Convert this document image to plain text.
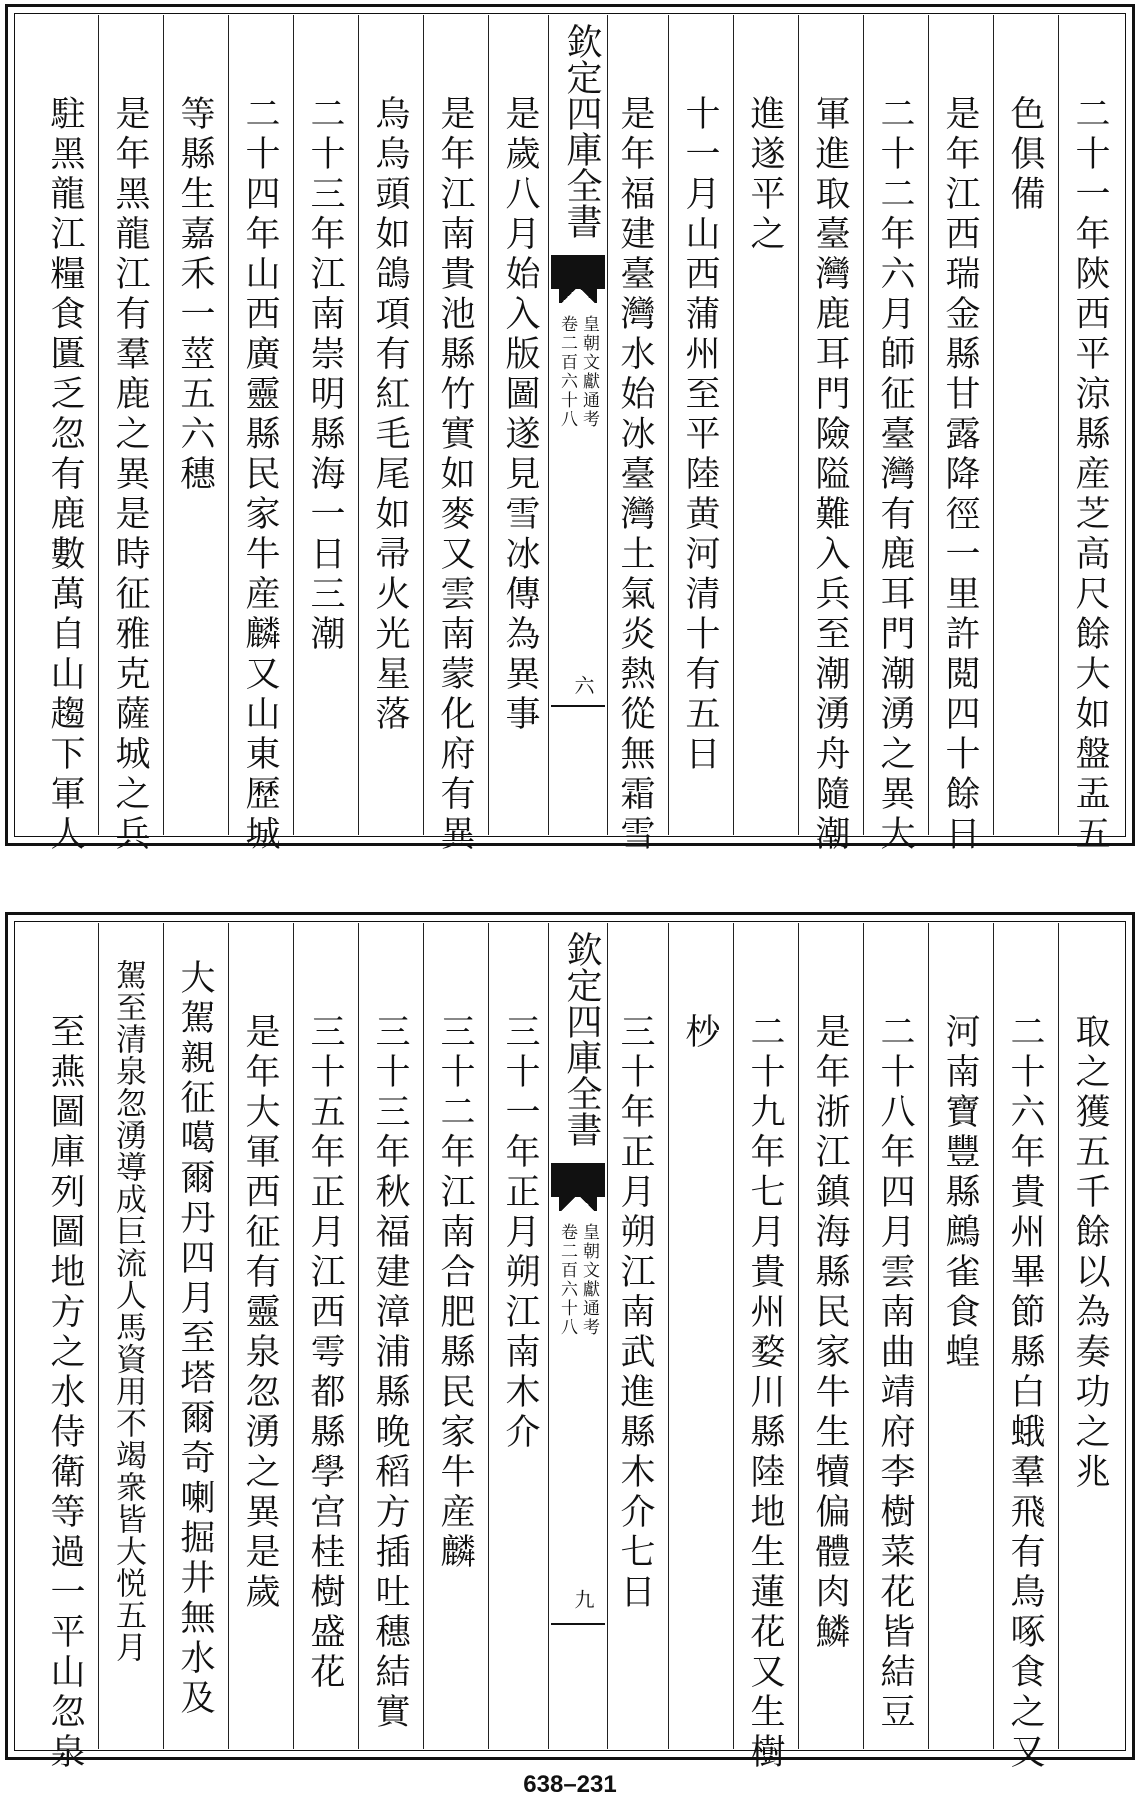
欽定四庫全書
皇朝文獻通考
卷二百六十八
六	二十一年陝西平涼縣産芝高尺餘大如盤盂五
色俱備
是年江西瑞金縣甘露降徑一里許閲四十餘日
二十二年六月師征臺灣有鹿耳門潮湧之異大
軍進取臺灣鹿耳門險隘難入兵至潮湧舟隨潮
進遂平之
十一月山西蒲州至平陸黄河清十有五日
是年福建臺灣水始冰臺灣土氣炎熱從無霜雪
是歲八月始入版圖遂見雪冰傳為異事
是年江南貴池縣竹實如麥又雲南蒙化府有異
烏烏頭如鴿項有紅毛尾如帚火光星落
二十三年江南崇明縣海一日三潮
二十四年山西廣靈縣民家牛産麟又山東歷城
等縣生嘉禾一莖五六穗
是年黑龍江有羣鹿之異是時征雅克薩城之兵
駐黑龍江糧食匱乏忽有鹿數萬自山趨下軍人
欽定四庫全書
皇朝文獻通考
卷二百六十八
九
取之獲五千餘以為奏功之兆
二十六年貴州畢節縣白蛾羣飛有鳥啄食之又
河南寶豐縣鷓雀食蝗
二十八年四月雲南曲靖府李樹菜花皆結豆
是年浙江鎮海縣民家牛生犢偏體肉鱗
二十九年七月貴州婺川縣陸地生蓮花又生樹
杪
三十年正月朔江南武進縣木介七日
三十一年正月朔江南木介
三十二年江南合肥縣民家牛産麟
三十三年秋福建漳浦縣晚稻方插吐穗結實
三十五年正月江西雩都縣學宫桂樹盛花
是年大軍西征有靈泉忽湧之異是歲
大駕親征噶爾丹四月至塔爾奇喇掘井無水及
駕至清泉忽湧導成巨流人馬資用不竭衆皆大悦五月
至燕圖庫列圖地方之水侍衛等過一平山忽泉
638–231
